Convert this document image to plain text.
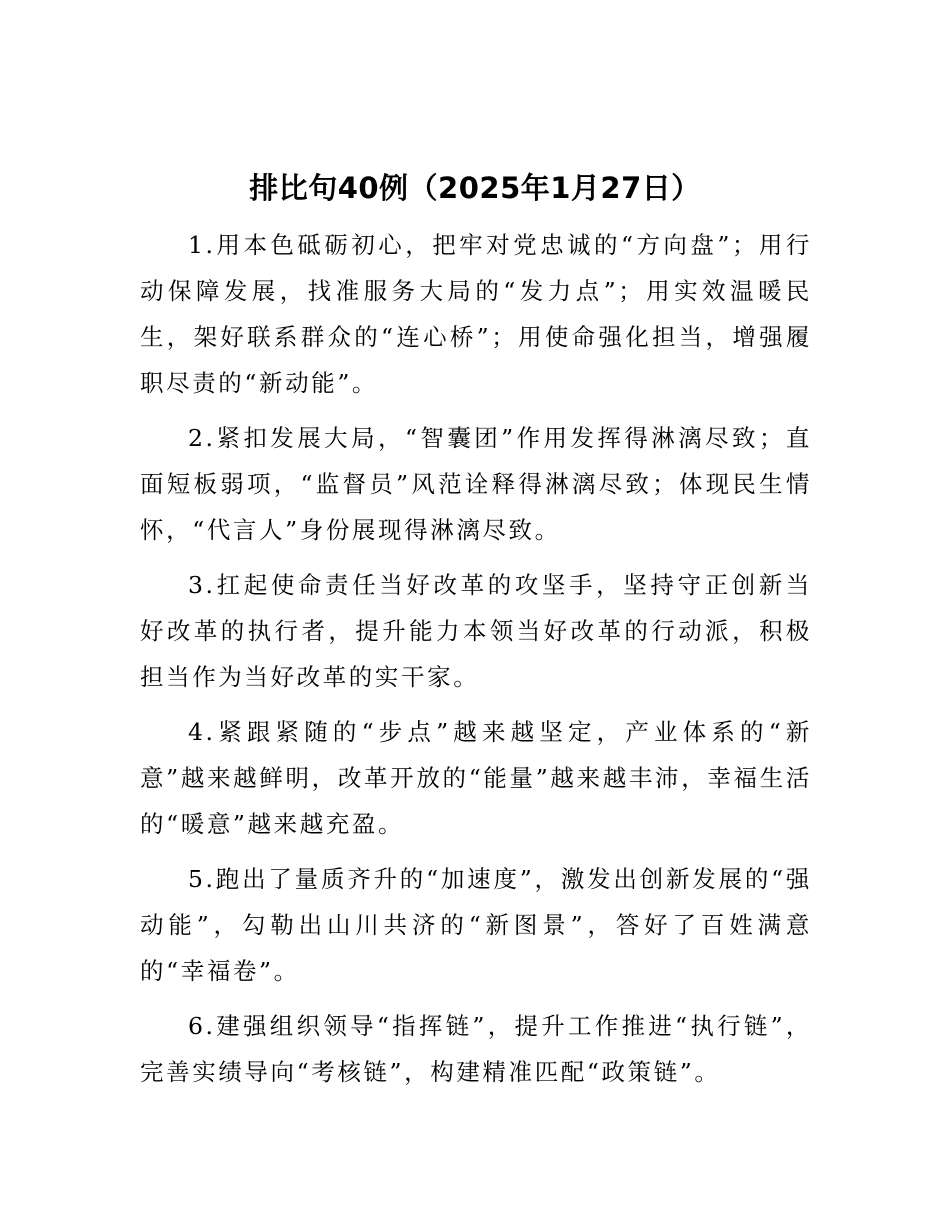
排比句40例（2025年1月27日）

1.用本色砥砺初心，把牢对党忠诚的“方向盘”；用行动保障发展，找准服务大局的“发力点”；用实效温暖民生，架好联系群众的“连心桥”；用使命强化担当，增强履职尽责的“新动能”。

2.紧扣发展大局，“智囊团”作用发挥得淋漓尽致；直面短板弱项，“监督员”风范诠释得淋漓尽致；体现民生情怀，“代言人”身份展现得淋漓尽致。

3.扛起使命责任当好改革的攻坚手，坚持守正创新当好改革的执行者，提升能力本领当好改革的行动派，积极担当作为当好改革的实干家。

4.紧跟紧随的“步点”越来越坚定，产业体系的“新意”越来越鲜明，改革开放的“能量”越来越丰沛，幸福生活的“暖意”越来越充盈。

5.跑出了量质齐升的“加速度”，激发出创新发展的“强动能”，勾勒出山川共济的“新图景”，答好了百姓满意的“幸福卷”。

6.建强组织领导“指挥链”，提升工作推进“执行链”，完善实绩导向“考核链”，构建精准匹配“政策链”。
